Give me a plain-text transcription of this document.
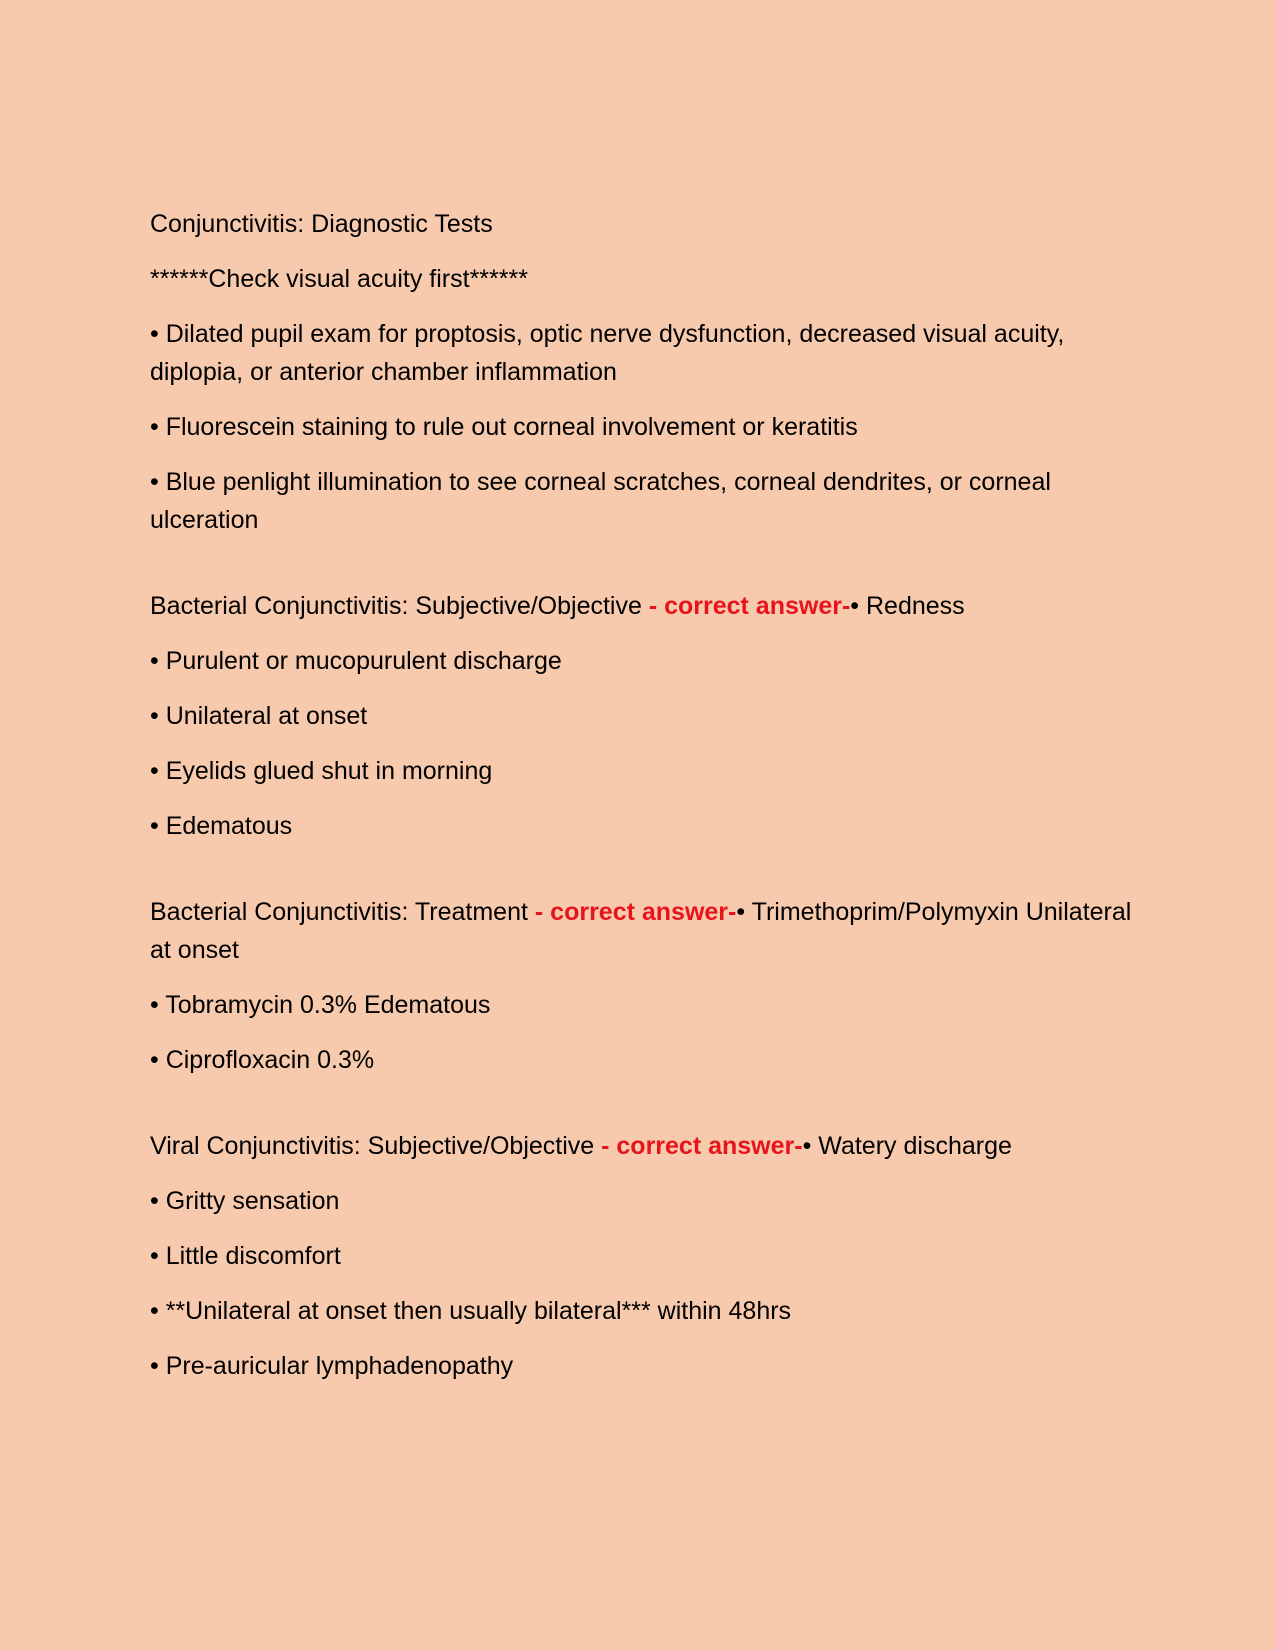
Conjunctivitis: Diagnostic Tests

******Check visual acuity first******

• Dilated pupil exam for proptosis, optic nerve dysfunction, decreased visual acuity, diplopia, or anterior chamber inflammation

• Fluorescein staining to rule out corneal involvement or keratitis

• Blue penlight illumination to see corneal scratches, corneal dendrites, or corneal ulceration

Bacterial Conjunctivitis: Subjective/Objective - correct answer-• Redness

• Purulent or mucopurulent discharge

• Unilateral at onset

• Eyelids glued shut in morning

• Edematous

Bacterial Conjunctivitis: Treatment - correct answer-• Trimethoprim/Polymyxin Unilateral at onset

• Tobramycin 0.3% Edematous

• Ciprofloxacin 0.3%

Viral Conjunctivitis: Subjective/Objective - correct answer-• Watery discharge

• Gritty sensation

• Little discomfort

• **Unilateral at onset then usually bilateral*** within 48hrs

• Pre-auricular lymphadenopathy
